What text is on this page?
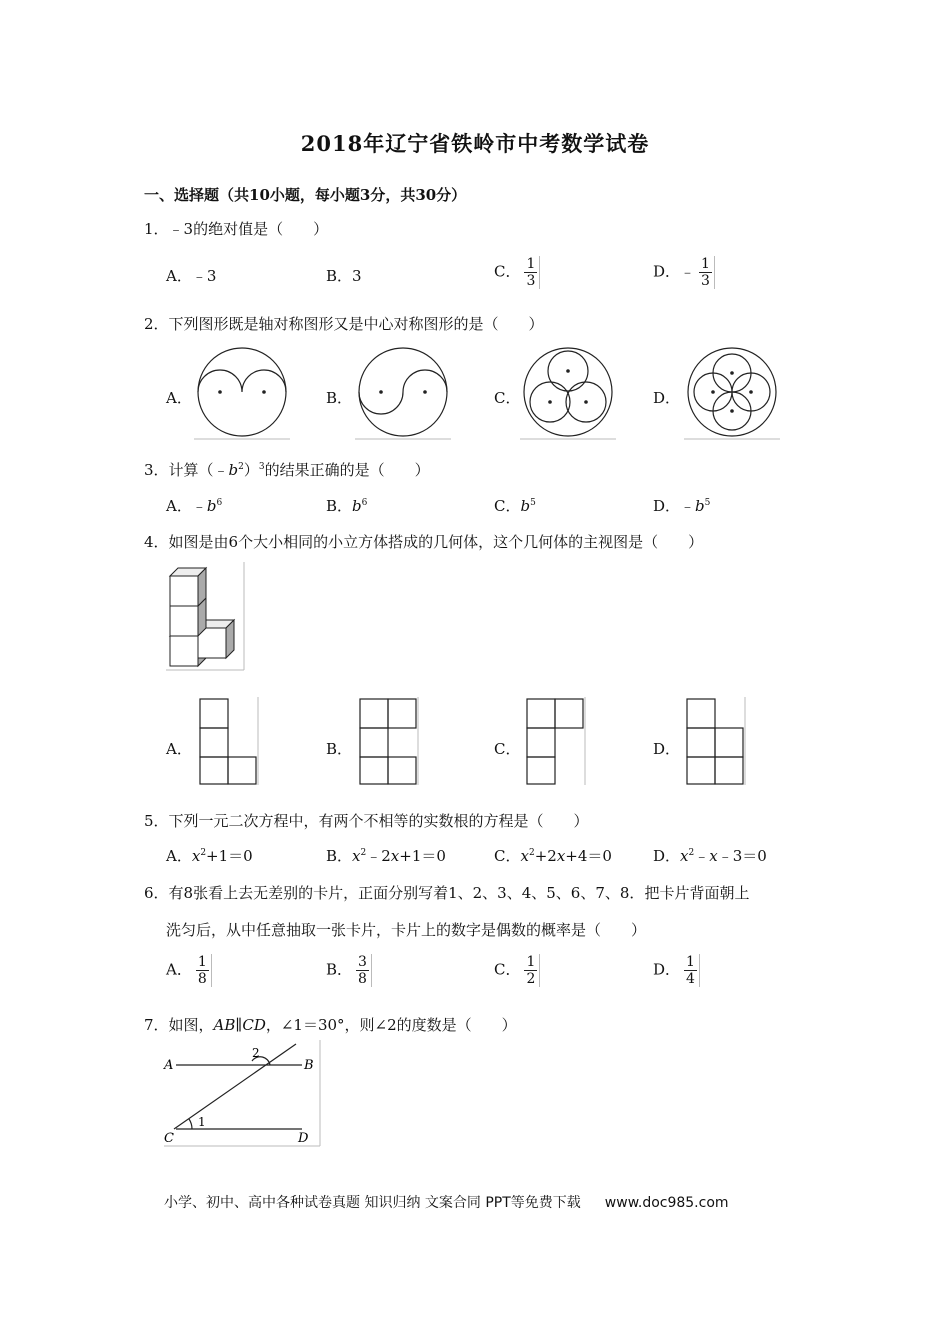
2018年辽宁省铁岭市中考数学试卷
一、选择题（共10小题，每小题3分，共30分）
1．﹣3的绝对值是（　　）
A．﹣3	B．3	C． $\frac{1}{3}$	D．﹣ $\frac{1}{3}$
2．下列图形既是轴对称图形又是中心对称图形的是（　　）
A．	B．	C．	D．
3．计算$(﹣b^2)^3$的结果正确的是（　　）
A．$﹣b^6$	B．$b^6$	C．$b^5$	D．$﹣b^5$
4．如图是由6个大小相同的小立方体搭成的几何体，这个几何体的主视图是（　　）
A．	B．	C．	D．
5．下列一元二次方程中，有两个不相等的实数根的方程是（　　）
A．$x^2+1=0$	B．$x^2﹣2x+1=0$	C．$x^2+2x+4=0$	D．$x^2﹣x﹣3=0$
6．有8张看上去无差别的卡片，正面分别写着1、2、3、4、5、6、7、8．把卡片背面朝上
洗匀后，从中任意抽取一张卡片，卡片上的数字是偶数的概率是（　　）
A． $\frac{1}{8}$	B． $\frac{3}{8}$	C． $\frac{1}{2}$	D． $\frac{1}{4}$
7．如图，AB∥CD，∠1＝30°，则∠2的度数是（　　）
A	B
C	D
1
2
小学、初中、高中各种试卷真题 知识归纳 文案合同 PPT等免费下载 www.doc985.com
